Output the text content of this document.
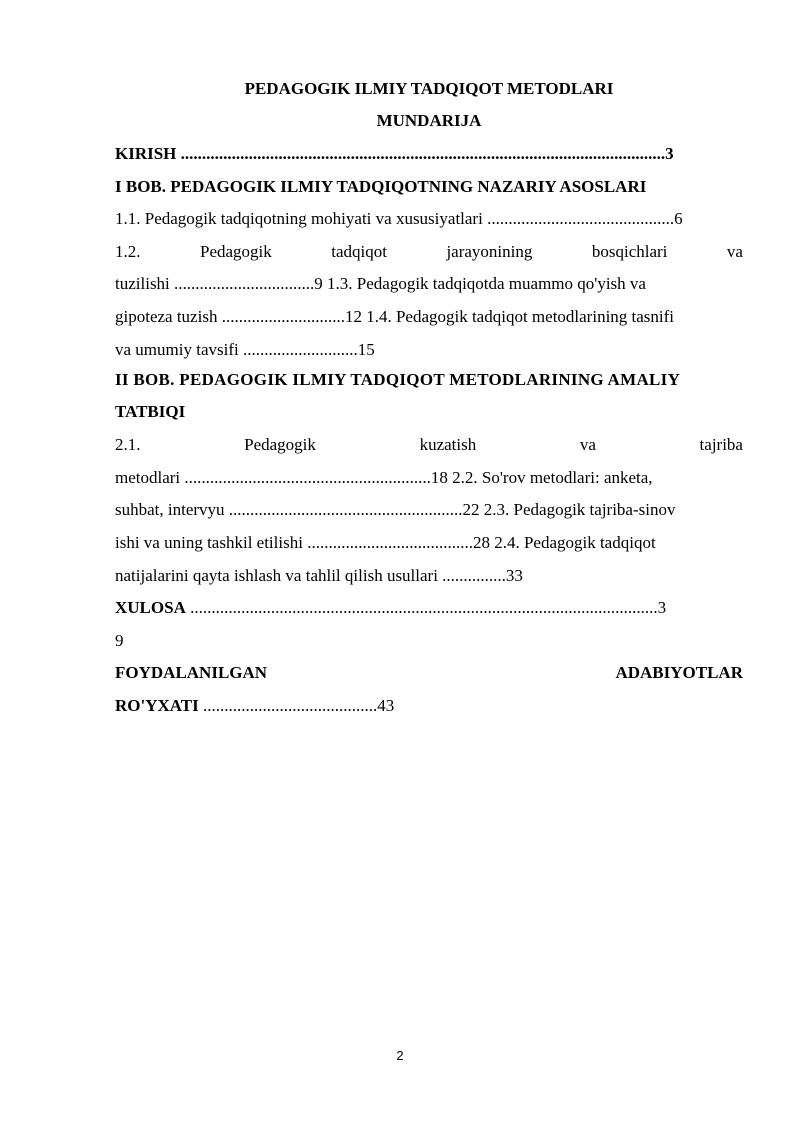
PEDAGOGIK ILMIY TADQIQOT METODLARI
MUNDARIJA
KIRISH ..................................................................................................................3
I BOB. PEDAGOGIK ILMIY TADQIQOTNING NAZARIY ASOSLARI
1.1. Pedagogik tadqiqotning mohiyati va xususiyatlari ............................................6
1.2.	Pedagogik	tadqiqot	jarayonining	bosqichlari	va
tuzilishi .................................9 1.3. Pedagogik tadqiqotda muammo qo'yish va
gipoteza tuzish .............................12 1.4. Pedagogik tadqiqot metodlarining tasnifi
va umumiy tavsifi ...........................15
II BOB. PEDAGOGIK ILMIY TADQIQOT METODLARINING AMALIY
TATBIQI
2.1.	Pedagogik	kuzatish	va	tajriba
metodlari ..........................................................18 2.2. So'rov metodlari: anketa,
suhbat, intervyu .......................................................22 2.3. Pedagogik tajriba-sinov
ishi va uning tashkil etilishi .......................................28 2.4. Pedagogik tadqiqot
natijalarini qayta ishlash va tahlil qilish usullari ...............33
XULOSA ..............................................................................................................3
9
FOYDALANILGAN	ADABIYOTLAR
RO'YXATI .........................................43
2
